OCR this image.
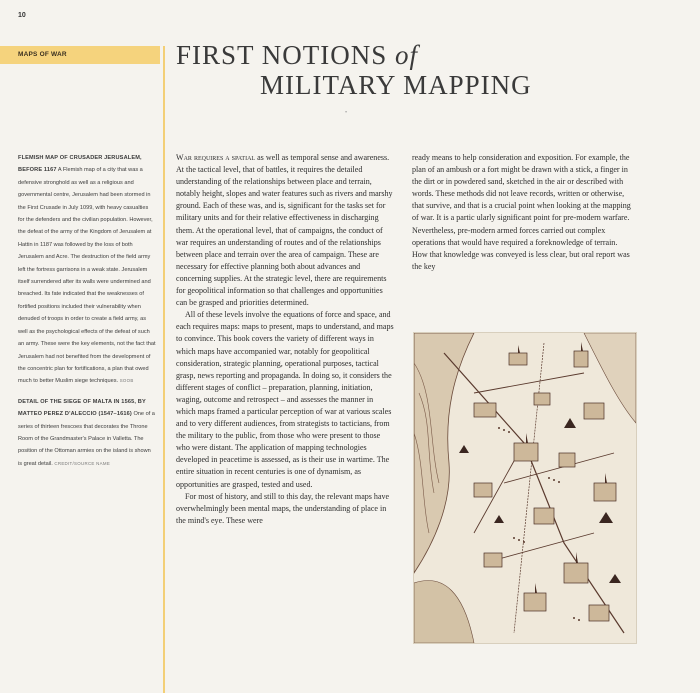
10
MAPS OF WAR	FIRST NOTIONS of
MILITARY MAPPING
•

FLEMISH MAP OF CRUSADER JERUSALEM, BEFORE 1167 A Flemish map of a city that was a defensive stronghold as well as a religious and governmental centre, Jerusalem had been stormed in the First Crusade in July 1099, with heavy casualties for the defenders and the civilian population. However, the defeat of the army of the Kingdom of Jerusalem at Hattin in 1187 was followed by the loss of both Jerusalem and Acre. The destruction of the field army left the fortress garrisons in a weak state. Jerusalem itself surrendered after its walls were undermined and breached. Its fate indicated that the weaknesses of fortified positions included their vulnerability when denuded of troops in order to create a field army, as well as the psychological effects of the defeat of such an army. These were the key elements, not the fact that Jerusalem had not benefited from the development of the concentric plan for fortifications, a plan that owed much to better Muslim siege techniques. SOOB

DETAIL OF THE SIEGE OF MALTA IN 1565, BY MATTEO PEREZ D'ALECCIO (1547–1616) One of a series of thirteen frescoes that decorates the Throne Room of the Grandmaster's Palace in Valletta. The position of the Ottoman armies on the island is shown is great detail. CREDIT/SOURCE NAME

War requires a spatial as well as temporal sense and awareness. At the tactical level, that of battles, it requires the detailed understanding of the relationships between place and terrain, notably height, slopes and water features such as rivers and marshy ground. Each of these was, and is, significant for the tasks set for military units and for their relative effectiveness in discharging them. At the operational level, that of campaigns, the conduct of war requires an understanding of routes and of the relationships between place and terrain over the area of campaign. These are necessary for effective planning both about advances and concerning supplies. At the strategic level, there are requirements for geopolitical information so that challenges and opportunities can be grasped and priorities determined.

All of these levels involve the equations of force and space, and each requires maps: maps to present, maps to understand, and maps to convince. This book covers the variety of different ways in which maps have accompanied war, notably for geopolitical consideration, strategic planning, operational purposes, tactical grasp, news reporting and propaganda. In doing so, it considers the different stages of conflict – preparation, planning, initiation, waging, outcome and retrospect – and assesses the manner in which maps framed a particular perception of war at various scales and to very different audiences, from strategists to tacticians, from the military to the public, from those who were present to those who were distant. The application of mapping technologies developed in peacetime is assessed, as is their use in wartime. The entire situation in recent centuries is one of dynamism, as opportunities are grasped, tested and used.

For most of history, and still to this day, the relevant maps have overwhelmingly been mental maps, the understanding of place in the mind's eye. These were

ready means to help consideration and exposition. For example, the plan of an ambush or a fort might be drawn with a stick, a finger in the dirt or in powdered sand, sketched in the air or described with words. These methods did not leave records, written or otherwise, that survive, and that is a crucial point when looking at the mapping of war. It is a partic ularly significant point for pre-modern warfare. Nevertheless, pre-modern armed forces carried out complex operations that would have required a foreknowledge of terrain. How that knowledge was conveyed is less clear, but oral report was the key
